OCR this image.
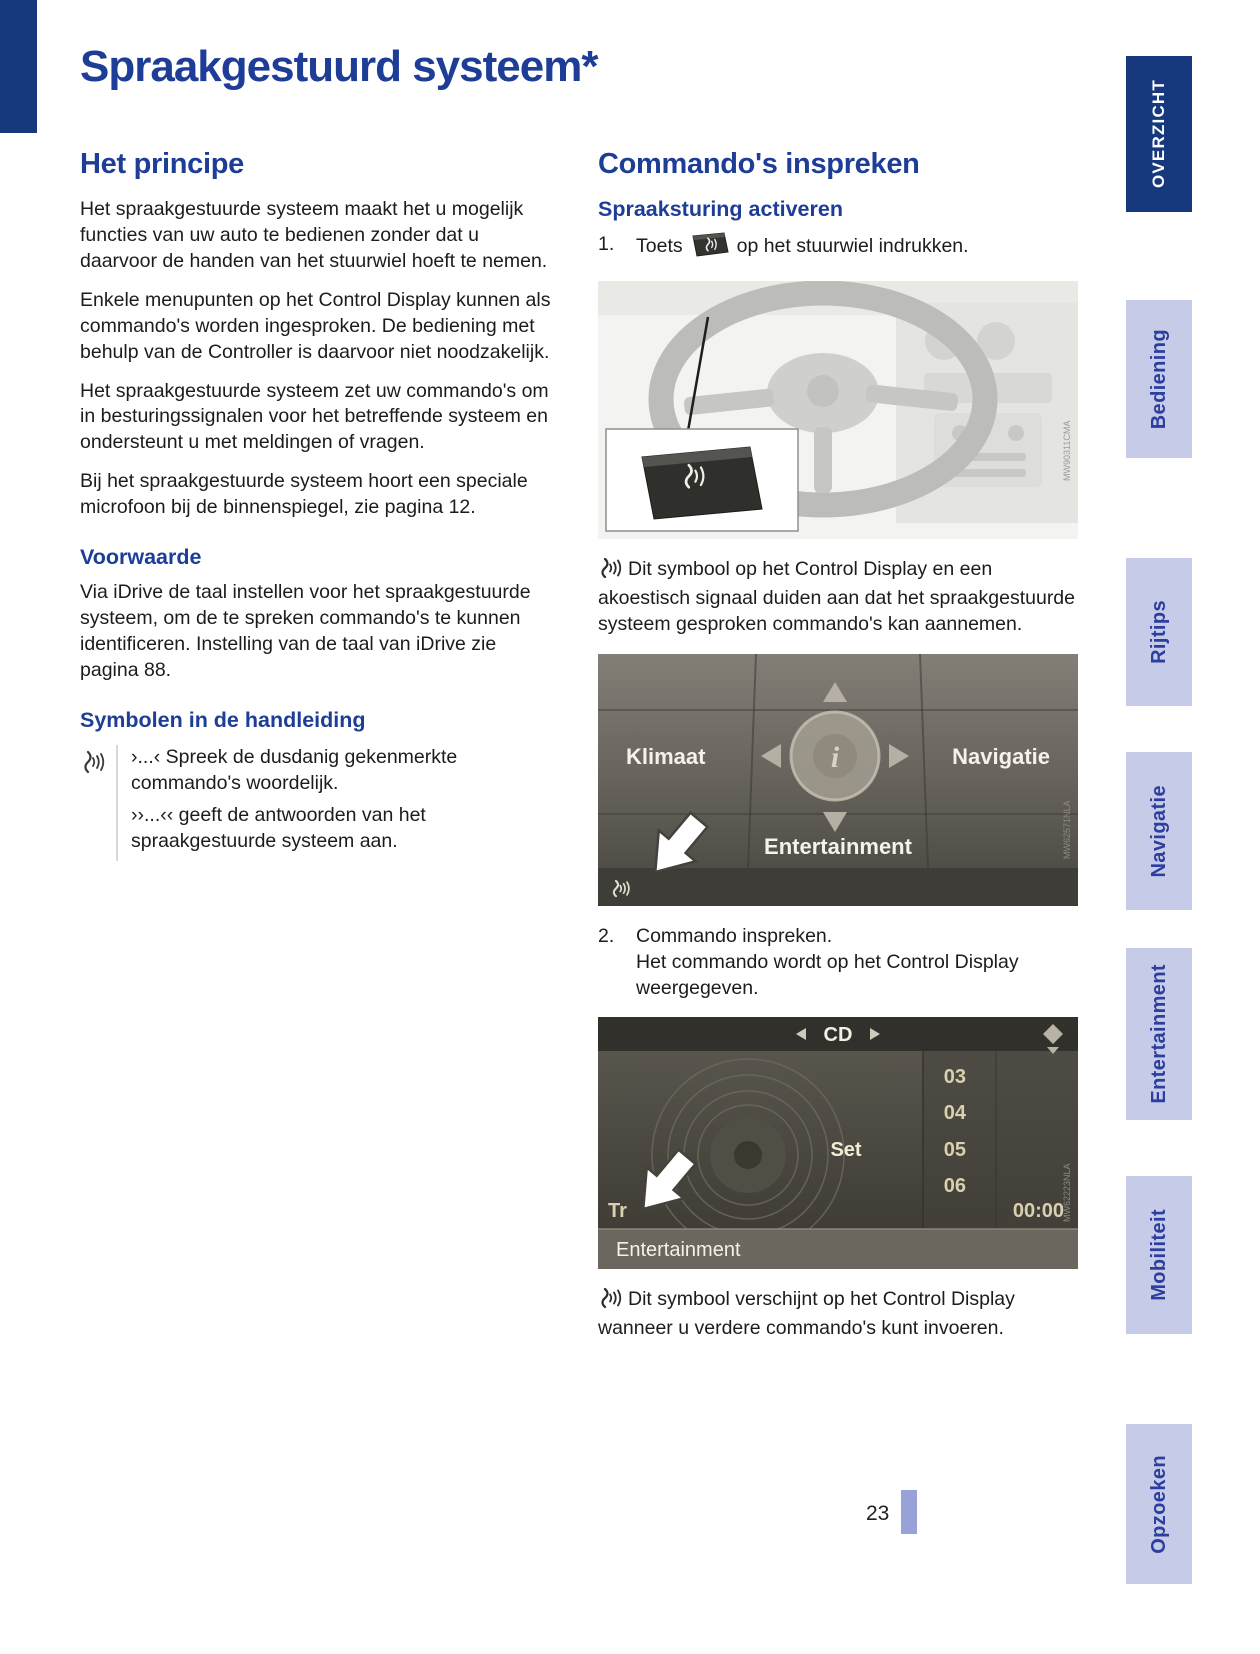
Spraakgestuurd systeem*
Het principe

Het spraakgestuurde systeem maakt het u mogelijk functies van uw auto te bedienen zonder dat u daarvoor de handen van het stuurwiel hoeft te nemen.

Enkele menupunten op het Control Display kunnen als commando's worden ingesproken. De bediening met behulp van de Controller is daarvoor niet noodzakelijk.

Het spraakgestuurde systeem zet uw commando's om in besturingssignalen voor het betreffende systeem en ondersteunt u met meldingen of vragen.

Bij het spraakgestuurde systeem hoort een speciale microfoon bij de binnenspiegel, zie pagina 12.

Voorwaarde

Via iDrive de taal instellen voor het spraakgestuurde systeem, om de te spreken commando's te kunnen identificeren. Instelling van de taal van iDrive zie pagina 88.

Symbolen in de handleiding

›...‹ Spreek de dusdanig gekenmerkte commando's woordelijk.

››...‹‹ geeft de antwoorden van het spraakgestuurde systeem aan.

Commando's inspreken
Spraaksturing activeren
1.	Toets	op het stuurwiel indrukken.
MW90311CMA

Dit symbool op het Control Display en een akoestisch signaal duiden aan dat het spraakgestuurde systeem gesproken commando's kan aannemen.

i
Klimaat	Navigatie
Entertainment	MW62571NLA
2.	Commando inspreken.
Het commando wordt op het Control Display weergegeven.
CD
03
04
05
06
Set
Tr	00:00
Entertainment
MW62223NLA

Dit symbool verschijnt op het Control Display wanneer u verdere commando's kunt invoeren.

OVERZICHT
Bediening
Rijtips
Navigatie
Entertainment
Mobiliteit
Opzoeken
23
